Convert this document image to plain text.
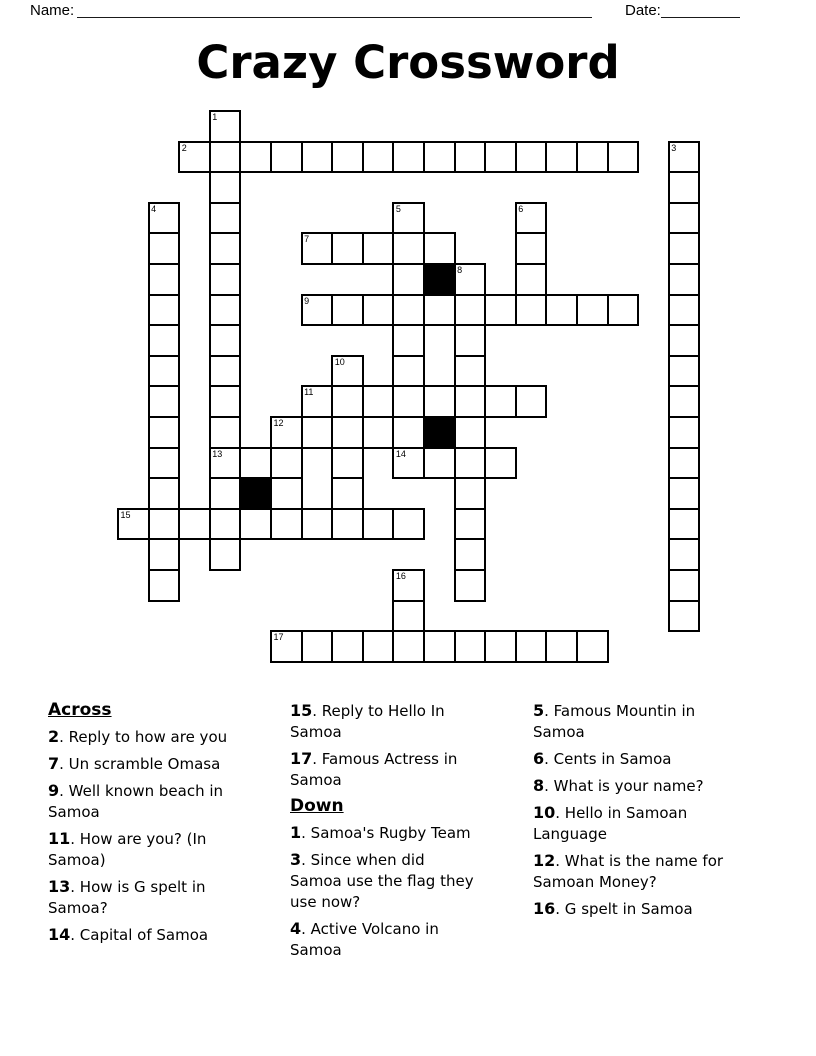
Name:	Date:
Crazy Crossword
1
2	3
4	5	6
7
8
9
10
11
12
13	14
15
16
17
Across
2. Reply to how are you
7. Un scramble Omasa
9. Well known beach in Samoa
11. How are you? (In Samoa)
13. How is G spelt in Samoa?
14. Capital of Samoa
15. Reply to Hello In Samoa
17. Famous Actress in Samoa
Down
1. Samoa's Rugby Team
3. Since when did Samoa use the flag they use now?
4. Active Volcano in Samoa
5. Famous Mountin in Samoa
6. Cents in Samoa
8. What is your name?
10. Hello in Samoan Language
12. What is the name for Samoan Money?
16. G spelt in Samoa
